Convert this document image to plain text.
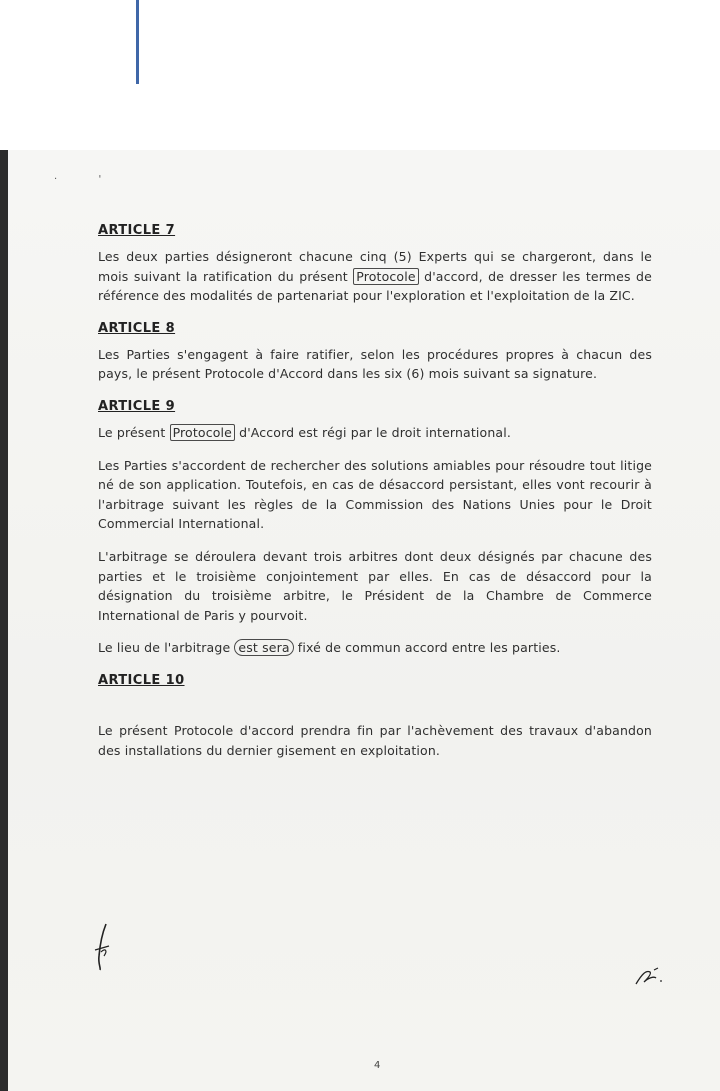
·             '
ARTICLE 7

Les deux parties désigneront chacune cinq (5) Experts qui se chargeront, dans le mois suivant la ratification du présent Protocole d'accord, de dresser les termes de référence des modalités de partenariat pour l'exploration et l'exploitation de la ZIC.

ARTICLE 8

Les Parties s'engagent à faire ratifier, selon les procédures propres à chacun des pays, le présent Protocole d'Accord dans les six (6) mois suivant sa signature.

ARTICLE 9

Le présent Protocole d'Accord est régi par le droit international.

Les Parties s'accordent de rechercher des solutions amiables pour résoudre tout litige né de son application. Toutefois, en cas de désaccord persistant, elles vont recourir à l'arbitrage suivant les règles de la Commission des Nations Unies pour le Droit Commercial International.

L'arbitrage se déroulera devant trois arbitres dont deux désignés par chacune des parties et le troisième conjointement par elles. En cas de désaccord pour la désignation du troisième arbitre, le Président de la Chambre de Commerce International de Paris y pourvoit.

Le lieu de l'arbitrage est sera fixé de commun accord entre les parties.

ARTICLE 10

Le présent Protocole d'accord prendra fin par l'achèvement des travaux d'abandon des installations du dernier gisement en exploitation.

4
